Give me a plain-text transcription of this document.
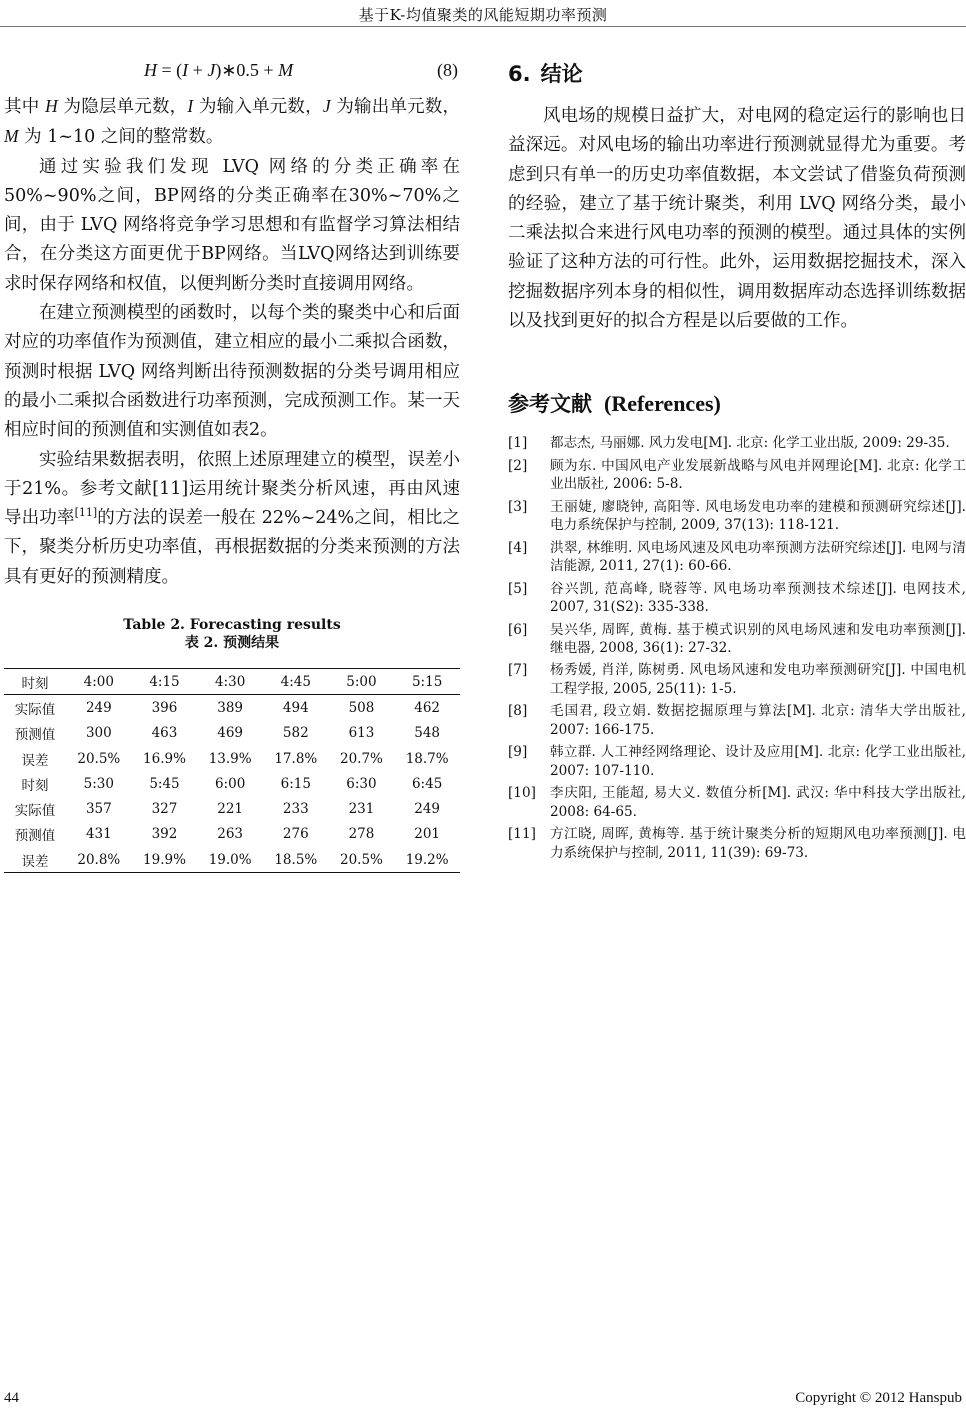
基于K-均值聚类的风能短期功率预测
H = (I + J)∗0.5 + M	(8)

其中 H 为隐层单元数，I 为输入单元数，J 为输出单元数，M 为 1~10 之间的整常数。

通过实验我们发现 LVQ 网络的分类正确率在50%~90%之间，BP网络的分类正确率在30%~70%之间，由于 LVQ 网络将竞争学习思想和有监督学习算法相结合，在分类这方面更优于BP网络。当LVQ网络达到训练要求时保存网络和权值，以便判断分类时直接调用网络。

在建立预测模型的函数时，以每个类的聚类中心和后面对应的功率值作为预测值，建立相应的最小二乘拟合函数，预测时根据 LVQ 网络判断出待预测数据的分类号调用相应的最小二乘拟合函数进行功率预测，完成预测工作。某一天相应时间的预测值和实测值如表2。

实验结果数据表明，依照上述原理建立的模型，误差小于21%。参考文献[11]运用统计聚类分析风速，再由风速导出功率[11]的方法的误差一般在 22%~24%之间，相比之下，聚类分析历史功率值，再根据数据的分类来预测的方法具有更好的预测精度。

Table 2. Forecasting results
表 2. 预测结果
时刻	4:00	4:15	4:30	4:45	5:00	5:15
实际值	249	396	389	494	508	462
预测值	300	463	469	582	613	548
误差	20.5%	16.9%	13.9%	17.8%	20.7%	18.7%
时刻	5:30	5:45	6:00	6:15	6:30	6:45
实际值	357	327	221	233	231	249
预测值	431	392	263	276	278	201
误差	20.8%	19.9%	19.0%	18.5%	20.5%	19.2%
6. 结论

风电场的规模日益扩大，对电网的稳定运行的影响也日益深远。对风电场的输出功率进行预测就显得尤为重要。考虑到只有单一的历史功率值数据，本文尝试了借鉴负荷预测的经验，建立了基于统计聚类，利用 LVQ 网络分类，最小二乘法拟合来进行风电功率的预测的模型。通过具体的实例验证了这种方法的可行性。此外，运用数据挖掘技术，深入挖掘数据序列本身的相似性，调用数据库动态选择训练数据以及找到更好的拟合方程是以后要做的工作。

参考文献 (References)
[1] 都志杰, 马丽娜. 风力发电[M]. 北京: 化学工业出版, 2009: 29-35.
[2] 顾为东. 中国风电产业发展新战略与风电并网理论[M]. 北京: 化学工业出版社, 2006: 5-8.
[3] 王丽婕, 廖晓钟, 高阳等. 风电场发电功率的建模和预测研究综述[J]. 电力系统保护与控制, 2009, 37(13): 118-121.
[4] 洪翠, 林维明. 风电场风速及风电功率预测方法研究综述[J]. 电网与清洁能源, 2011, 27(1): 60-66.
[5] 谷兴凯, 范高峰, 晓蓉等. 风电场功率预测技术综述[J]. 电网技术, 2007, 31(S2): 335-338.
[6] 吴兴华, 周晖, 黄梅. 基于模式识别的风电场风速和发电功率预测[J]. 继电器, 2008, 36(1): 27-32.
[7] 杨秀媛, 肖洋, 陈树勇. 风电场风速和发电功率预测研究[J]. 中国电机工程学报, 2005, 25(11): 1-5.
[8] 毛国君, 段立娟. 数据挖掘原理与算法[M]. 北京: 清华大学出版社, 2007: 166-175.
[9] 韩立群. 人工神经网络理论、设计及应用[M]. 北京: 化学工业出版社, 2007: 107-110.
[10] 李庆阳, 王能超, 易大义. 数值分析[M]. 武汉: 华中科技大学出版社, 2008: 64-65.
[11] 方江晓, 周晖, 黄梅等. 基于统计聚类分析的短期风电功率预测[J]. 电力系统保护与控制, 2011, 11(39): 69-73.
44	Copyright © 2012 Hanspub
